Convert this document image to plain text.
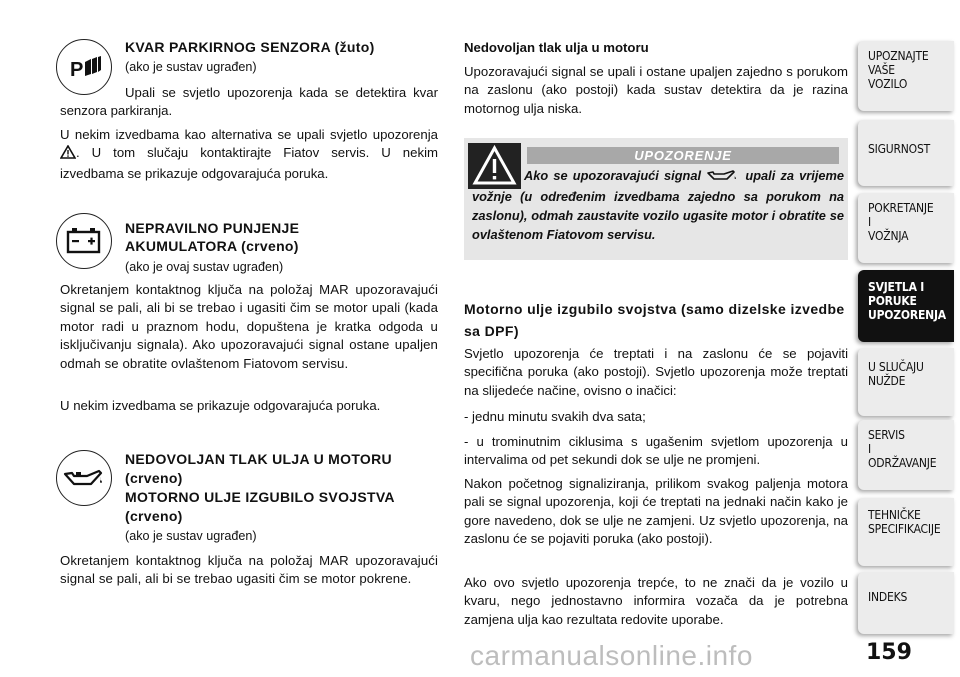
P

KVAR PARKIRNOG SENZORA (žuto)

(ako je sustav ugrađen)

Upali se svjetlo upozorenja kada se detektira kvar senzora parkiranja.

U nekim izvedbama kao alternativa se upali svjetlo upozorenja . U tom slučaju kontaktirajte Fiatov servis. U nekim izvedbama se prikazuje odgovarajuća poruka.

NEPRAVILNO PUNJENJE

AKUMULATORA (crveno)

(ako je ovaj sustav ugrađen)

Okretanjem kontaktnog ključa na položaj MAR upozoravajući signal se pali, ali bi se trebao i ugasiti čim se motor upali (kada motor radi u praznom hodu, dopuštena je kratka odgoda u isključivanju signala). Ako upozoravajući signal ostane upaljen odmah se obratite ovlaštenom Fiatovom servisu.

U nekim izvedbama se prikazuje odgovarajuća poruka.

NEDOVOLJAN TLAK ULJA U MOTORU

(crveno)

MOTORNO ULJE IZGUBILO SVOJSTVA

(crveno)

(ako je sustav ugrađen)

Okretanjem kontaktnog ključa na položaj MAR upozoravajući signal se pali, ali bi se trebao ugasiti čim se motor pokrene.

Nedovoljan tlak ulja u motoru

Upozoravajući signal se upali i ostane upaljen zajedno s porukom na zaslonu (ako postoji) kada sustav detektira da je razina motornog ulja niska.

UPOZORENJE
Ako se upozoravajući signal	upali za vrijeme vožnje (u određenim izvedbama zajedno sa porukom na zaslonu), odmah zaustavite vozilo ugasite motor i obratite se ovlaštenom Fiatovom servisu.

Motorno ulje izgubilo svojstva (samo dizelske izvedbe sa DPF)

Svjetlo upozorenja će treptati i na zaslonu će se pojaviti specifična poruka (ako postoji). Svjetlo upozorenja može treptati na slijedeće načine, ovisno o inačici:

- jednu minutu svakih dva sata;

- u trominutnim ciklusima s ugašenim svjetlom upozorenja u intervalima od pet sekundi dok se ulje ne promjeni.

Nakon početnog signaliziranja, prilikom svakog paljenja motora pali se signal upozorenja, koji će treptati na jednaki način kako je gore navedeno, dok se ulje ne zamjeni. Uz svjetlo upozorenja, na zaslonu će se pojaviti poruka (ako postoji).

Ako ovo svjetlo upozorenja trepće, to ne znači da je vozilo u kvaru, nego jednostavno informira vozača da je potrebna zamjena ulja kao rezultata redovite uporabe.

UPOZNAJTE
VAŠE
VOZILO
SIGURNOST
POKRETANJE
I
VOŽNJA
SVJETLA I
PORUKE
UPOZORENJA
U SLUČAJU
NUŽDE
SERVIS
I
ODRŽAVANJE
TEHNIČKE
SPECIFIKACIJE
INDEKS
159
carmanualsonline.info
